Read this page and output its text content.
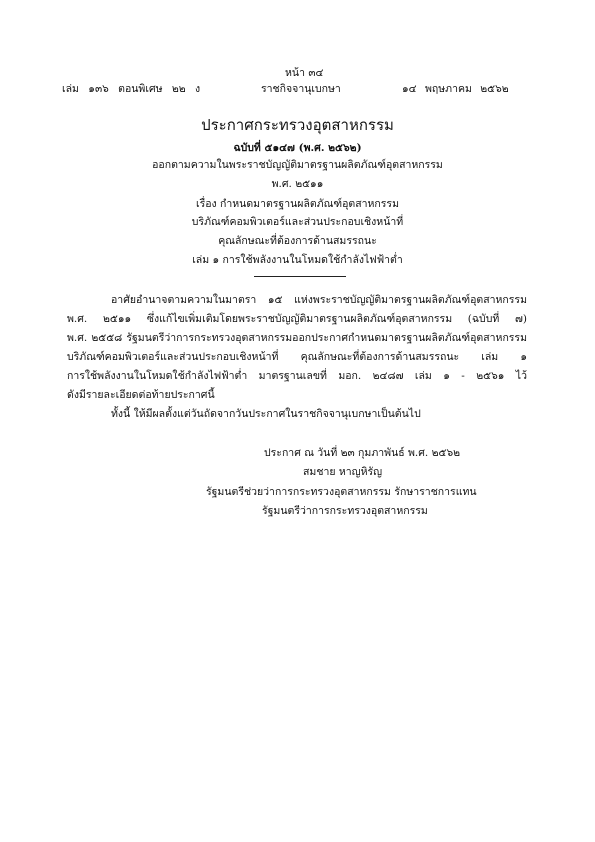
หน้า ๓๔
เล่ม ๑๓๖ ตอนพิเศษ ๒๒ ง	ราชกิจจานุเบกษา	๑๔ พฤษภาคม ๒๕๖๒
ประกาศกระทรวงอุตสาหกรรม
ฉบับที่ ๕๑๔๗ (พ.ศ. ๒๕๖๒)
ออกตามความในพระราชบัญญัติมาตรฐานผลิตภัณฑ์อุตสาหกรรม
พ.ศ. ๒๕๑๑
เรื่อง กำหนดมาตรฐานผลิตภัณฑ์อุตสาหกรรม
บริภัณฑ์คอมพิวเตอร์และส่วนประกอบเชิงหน้าที่
คุณลักษณะที่ต้องการด้านสมรรถนะ
เล่ม ๑ การใช้พลังงานในโหมดใช้กำลังไฟฟ้าต่ำ
อาศัยอำนาจตามความในมาตรา ๑๕ แห่งพระราชบัญญัติมาตรฐานผลิตภัณฑ์อุตสาหกรรม
พ.ศ. ๒๕๑๑ ซึ่งแก้ไขเพิ่มเติมโดยพระราชบัญญัติมาตรฐานผลิตภัณฑ์อุตสาหกรรม (ฉบับที่ ๗)
พ.ศ. ๒๕๕๘ รัฐมนตรีว่าการกระทรวงอุตสาหกรรมออกประกาศกำหนดมาตรฐานผลิตภัณฑ์อุตสาหกรรม
บริภัณฑ์คอมพิวเตอร์และส่วนประกอบเชิงหน้าที่ คุณลักษณะที่ต้องการด้านสมรรถนะ เล่ม ๑
การใช้พลังงานในโหมดใช้กำลังไฟฟ้าต่ำ มาตรฐานเลขที่ มอก. ๒๔๘๗ เล่ม ๑ - ๒๕๖๑ ไว้
ดังมีรายละเอียดต่อท้ายประกาศนี้
ทั้งนี้ ให้มีผลตั้งแต่วันถัดจากวันประกาศในราชกิจจานุเบกษาเป็นต้นไป
ประกาศ ณ วันที่ ๒๓ กุมภาพันธ์ พ.ศ. ๒๕๖๒
สมชาย หาญหิรัญ
รัฐมนตรีช่วยว่าการกระทรวงอุตสาหกรรม รักษาราชการแทน
รัฐมนตรีว่าการกระทรวงอุตสาหกรรม
